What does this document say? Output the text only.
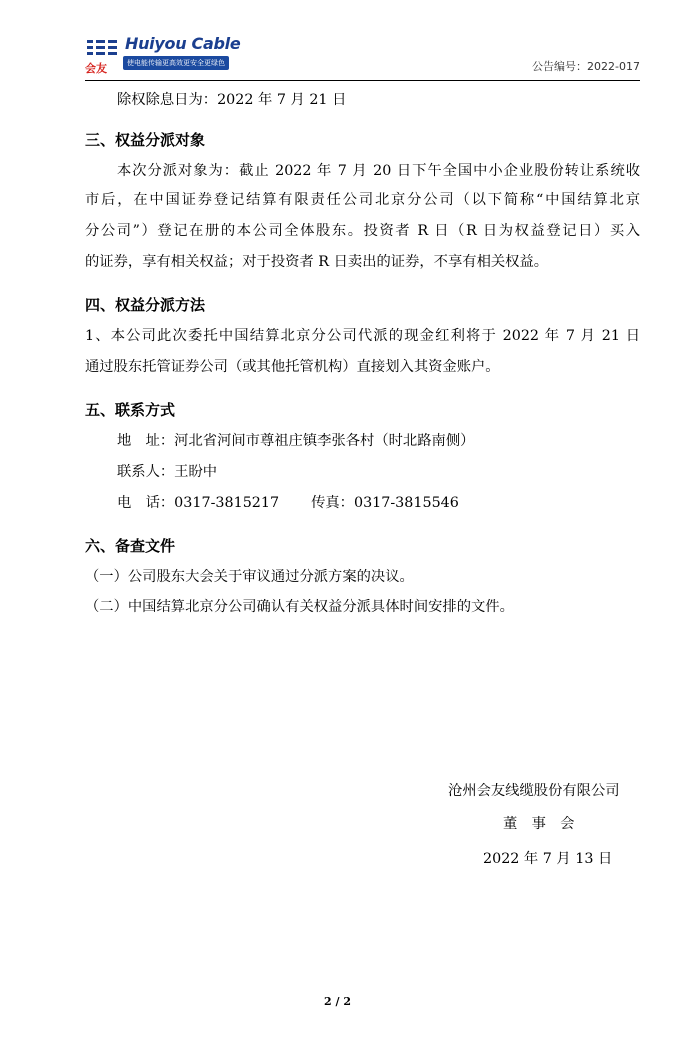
Huiyou Cable
会友	使电能传输更高效更安全更绿色	公告编号：2022-017
除权除息日为：2022 年 7 月 21 日
三、权益分派对象
本次分派对象为：截止 2022 年 7 月 20 日下午全国中小企业股份转让系统收
市后，在中国证券登记结算有限责任公司北京分公司（以下简称“中国结算北京
分公司”）登记在册的本公司全体股东。投资者 R 日（R 日为权益登记日）买入
的证券，享有相关权益；对于投资者 R 日卖出的证券，不享有相关权益。
四、权益分派方法
1、本公司此次委托中国结算北京分公司代派的现金红利将于 2022 年 7 月 21 日
通过股东托管证券公司（或其他托管机构）直接划入其资金账户。
五、联系方式
地　址：河北省河间市尊祖庄镇李张各村（时北路南侧）
联系人：王盼中
电　话：0317-3815217 传真：0317-3815546
六、备查文件
（一）公司股东大会关于审议通过分派方案的决议。
（二）中国结算北京分公司确认有关权益分派具体时间安排的文件。
沧州会友线缆股份有限公司
董　事　会
2022 年 7 月 13 日
2 / 2
